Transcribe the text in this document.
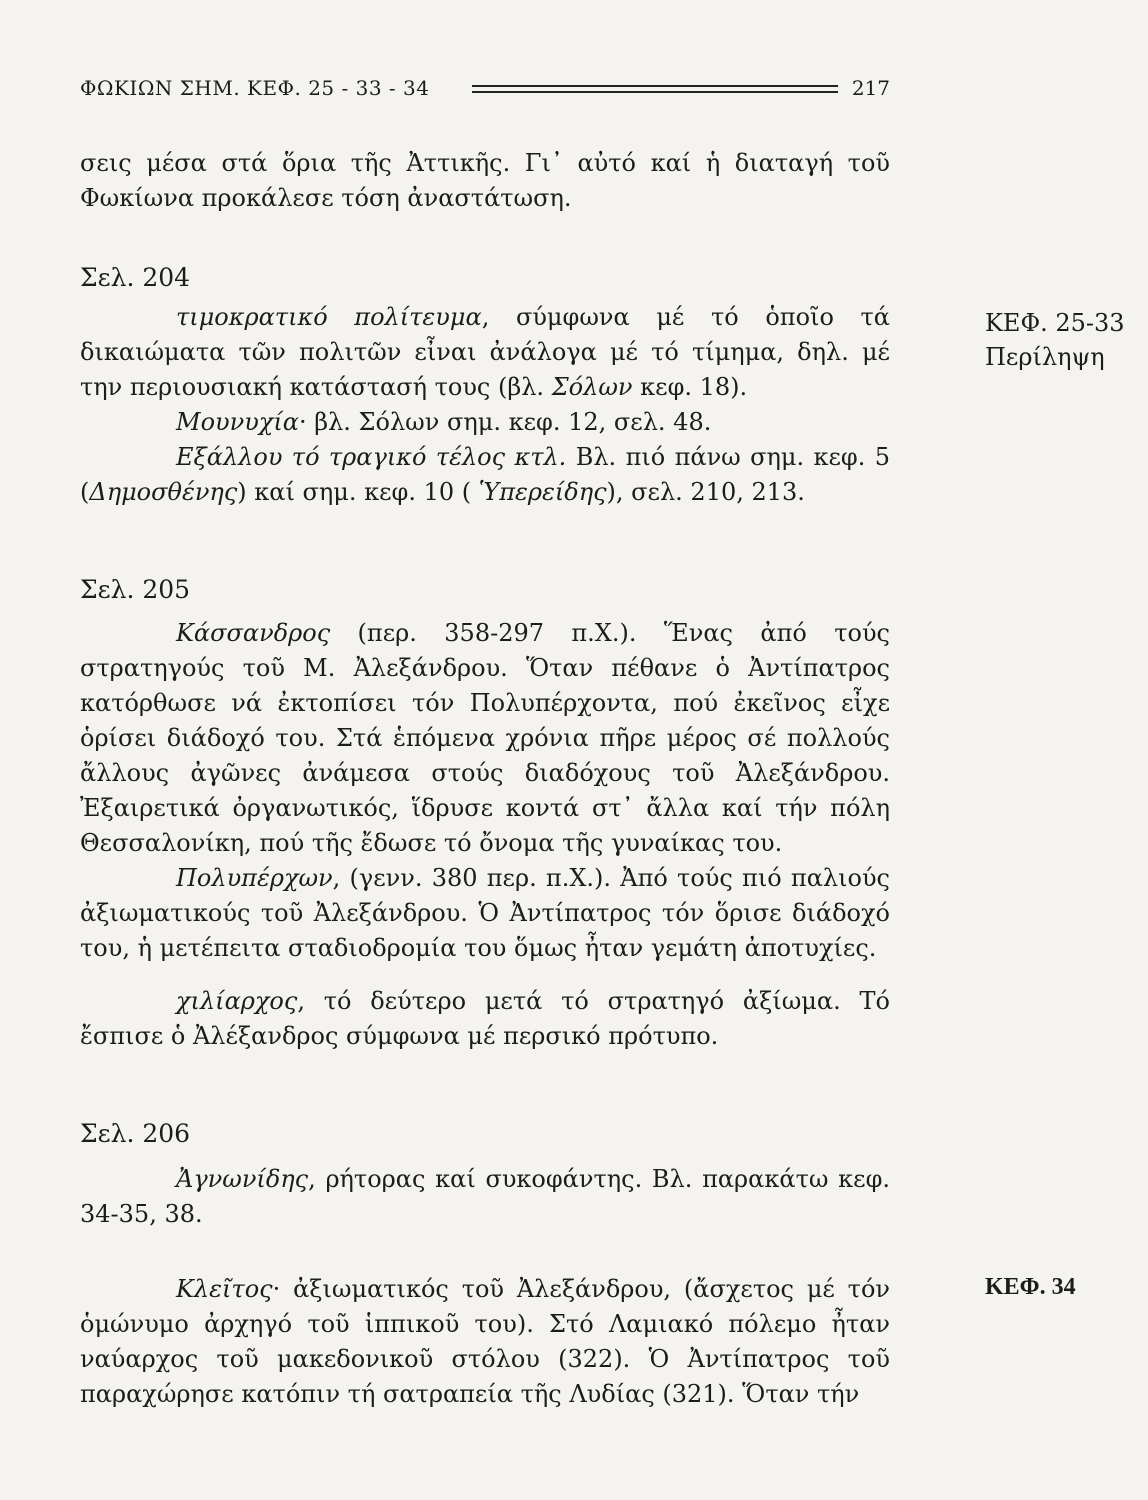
ΦΩΚΙΩΝ ΣΗΜ. ΚΕΦ. 25 - 33 - 34	217

σεις μέσα στά ὅρια τῆς Ἀττικῆς. Γι᾽ αὐτό καί ἡ διαταγή τοῦ Φωκίωνα προκάλεσε τόση ἀναστάτωση.

Σελ. 204

τιμοκρατικό πολίτευμα, σύμφωνα μέ τό ὁποῖο τά δικαιώματα τῶν πολιτῶν εἶναι ἀνάλογα μέ τό τίμημα, δηλ. μέ την περιουσιακή κατάστασή τους (βλ. Σόλων κεφ. 18).

Μουνυχία· βλ. Σόλων σημ. κεφ. 12, σελ. 48.

Εξάλλου τό τραγικό τέλος κτλ. Βλ. πιό πάνω σημ. κεφ. 5 (Δημοσθένης) καί σημ. κεφ. 10 ( Ὑπερείδης), σελ. 210, 213.

Σελ. 205

Κάσσανδρος (περ. 358-297 π.Χ.). Ἕνας ἀπό τούς στρατηγούς τοῦ Μ. Ἀλεξάνδρου. Ὅταν πέθανε ὁ Ἀντίπατρος κατόρθωσε νά ἐκτοπίσει τόν Πολυπέρχοντα, πού ἐκεῖνος εἶχε ὁρίσει διάδοχό του. Στά ἑπόμενα χρόνια πῆρε μέρος σέ πολλούς ἄλλους ἀγῶνες ἀνάμεσα στούς διαδόχους τοῦ Ἀλεξάνδρου. Ἐξαιρετικά ὀργανωτικός, ἵδρυσε κοντά στ᾽ ἄλλα καί τήν πόλη Θεσσαλονίκη, πού τῆς ἔδωσε τό ὄνομα τῆς γυναίκας του.

Πολυπέρχων, (γενν. 380 περ. π.Χ.). Ἀπό τούς πιό παλιούς ἀξιωματικούς τοῦ Ἀλεξάνδρου. Ὁ Ἀντίπατρος τόν ὅρισε διάδοχό του, ἡ μετέπειτα σταδιοδρομία του ὅμως ἦταν γεμάτη ἀποτυχίες.

χιλίαρχος, τό δεύτερο μετά τό στρατηγό ἀξίωμα. Τό ἔσπισε ὁ Ἀλέξανδρος σύμφωνα μέ περσικό πρότυπο.

Σελ. 206

Ἀγνωνίδης, ρήτορας καί συκοφάντης. Βλ. παρακάτω κεφ. 34-35, 38.

Κλεῖτος· ἀξιωματικός τοῦ Ἀλεξάνδρου, (ἄσχετος μέ τόν ὁμώνυμο ἀρχηγό τοῦ ἱππικοῦ του). Στό Λαμιακό πόλεμο ἦταν ναύαρχος τοῦ μακεδονικοῦ στόλου (322). Ὁ Ἀντίπατρος τοῦ παραχώρησε κατόπιν τή σατραπεία τῆς Λυδίας (321). Ὅταν τήν

ΚΕΦ. 25-33
Περίληψη
ΚΕΦ. 34
